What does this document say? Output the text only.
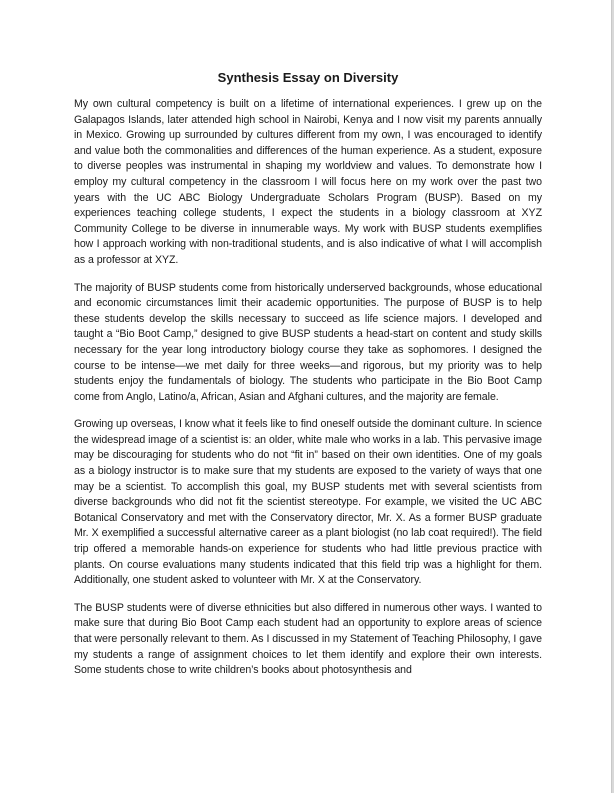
Synthesis Essay on Diversity

My own cultural competency is built on a lifetime of international experiences. I grew up on the Galapagos Islands, later attended high school in Nairobi, Kenya and I now visit my parents annually in Mexico. Growing up surrounded by cultures different from my own, I was encouraged to identify and value both the commonalities and differences of the human experience. As a student, exposure to diverse peoples was instrumental in shaping my worldview and values. To demonstrate how I employ my cultural competency in the classroom I will focus here on my work over the past two years with the UC ABC Biology Undergraduate Scholars Program (BUSP). Based on my experiences teaching college students, I expect the students in a biology classroom at XYZ Community College to be diverse in innumerable ways. My work with BUSP students exemplifies how I approach working with non-traditional students, and is also indicative of what I will accomplish as a professor at XYZ.

The majority of BUSP students come from historically underserved backgrounds, whose educational and economic circumstances limit their academic opportunities. The purpose of BUSP is to help these students develop the skills necessary to succeed as life science majors. I developed and taught a “Bio Boot Camp,” designed to give BUSP students a head-start on content and study skills necessary for the year long introductory biology course they take as sophomores. I designed the course to be intense—we met daily for three weeks—and rigorous, but my priority was to help students enjoy the fundamentals of biology. The students who participate in the Bio Boot Camp come from Anglo, Latino/a, African, Asian and Afghani cultures, and the majority are female.

Growing up overseas, I know what it feels like to find oneself outside the dominant culture. In science the widespread image of a scientist is: an older, white male who works in a lab. This pervasive image may be discouraging for students who do not “fit in” based on their own identities. One of my goals as a biology instructor is to make sure that my students are exposed to the variety of ways that one may be a scientist. To accomplish this goal, my BUSP students met with several scientists from diverse backgrounds who did not fit the scientist stereotype. For example, we visited the UC ABC Botanical Conservatory and met with the Conservatory director, Mr. X. As a former BUSP graduate Mr. X exemplified a successful alternative career as a plant biologist (no lab coat required!). The field trip offered a memorable hands-on experience for students who had little previous practice with plants. On course evaluations many students indicated that this field trip was a highlight for them. Additionally, one student asked to volunteer with Mr. X at the Conservatory.

The BUSP students were of diverse ethnicities but also differed in numerous other ways. I wanted to make sure that during Bio Boot Camp each student had an opportunity to explore areas of science that were personally relevant to them. As I discussed in my Statement of Teaching Philosophy, I gave my students a range of assignment choices to let them identify and explore their own interests. Some students chose to write children’s books about photosynthesis and
